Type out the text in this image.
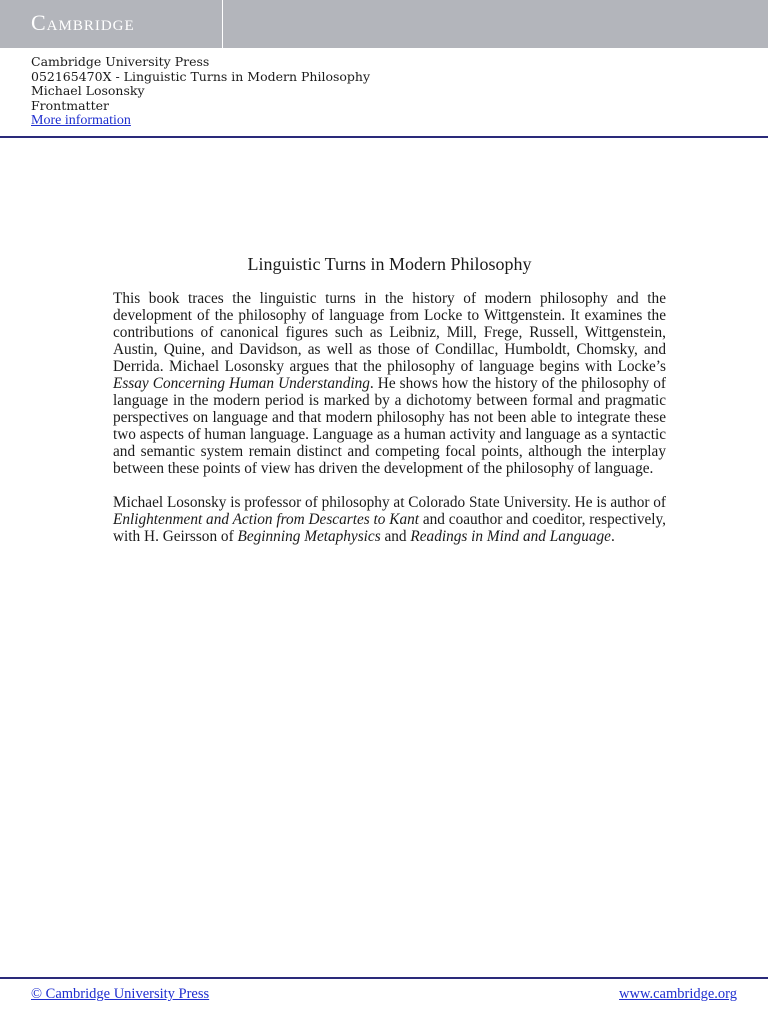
Cambridge
Cambridge University Press
052165470X - Linguistic Turns in Modern Philosophy
Michael Losonsky
Frontmatter
More information
Linguistic Turns in Modern Philosophy

This book traces the linguistic turns in the history of modern philosophy and the development of the philosophy of language from Locke to Wittgenstein. It examines the contributions of canonical figures such as Leibniz, Mill, Frege, Russell, Wittgenstein, Austin, Quine, and Davidson, as well as those of Condillac, Humboldt, Chomsky, and Derrida. Michael Losonsky argues that the philosophy of language begins with Locke’s Essay Concerning Human Understanding. He shows how the history of the philosophy of language in the modern period is marked by a dichotomy between formal and pragmatic perspectives on language and that modern philosophy has not been able to integrate these two aspects of human language. Language as a human activity and language as a syntactic and semantic system remain distinct and competing focal points, although the interplay between these points of view has driven the development of the philosophy of language.

Michael Losonsky is professor of philosophy at Colorado State University. He is author of Enlightenment and Action from Descartes to Kant and coauthor and coeditor, respectively, with H. Geirsson of Beginning Metaphysics and Readings in Mind and Language.

© Cambridge University Press	www.cambridge.org
